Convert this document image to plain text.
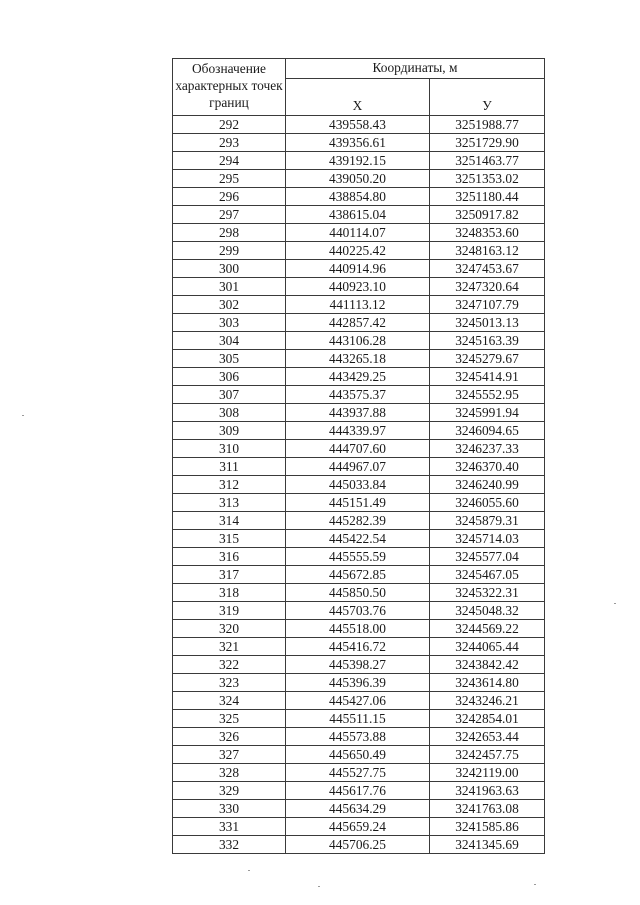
Обозначение характерных точек границ	Координаты, м	

	X	У

292	439558.43	3251988.77
293	439356.61	3251729.90
294	439192.15	3251463.77
295	439050.20	3251353.02
296	438854.80	3251180.44
297	438615.04	3250917.82
298	440114.07	3248353.60
299	440225.42	3248163.12
300	440914.96	3247453.67
301	440923.10	3247320.64
302	441113.12	3247107.79
303	442857.42	3245013.13
304	443106.28	3245163.39
305	443265.18	3245279.67
306	443429.25	3245414.91
307	443575.37	3245552.95
308	443937.88	3245991.94
309	444339.97	3246094.65
310	444707.60	3246237.33
311	444967.07	3246370.40
312	445033.84	3246240.99
313	445151.49	3246055.60
314	445282.39	3245879.31
315	445422.54	3245714.03
316	445555.59	3245577.04
317	445672.85	3245467.05
318	445850.50	3245322.31
319	445703.76	3245048.32
320	445518.00	3244569.22
321	445416.72	3244065.44
322	445398.27	3243842.42
323	445396.39	3243614.80
324	445427.06	3243246.21
325	445511.15	3242854.01
326	445573.88	3242653.44
327	445650.49	3242457.75
328	445527.75	3242119.00
329	445617.76	3241963.63
330	445634.29	3241763.08
331	445659.24	3241585.86
332	445706.25	3241345.69
